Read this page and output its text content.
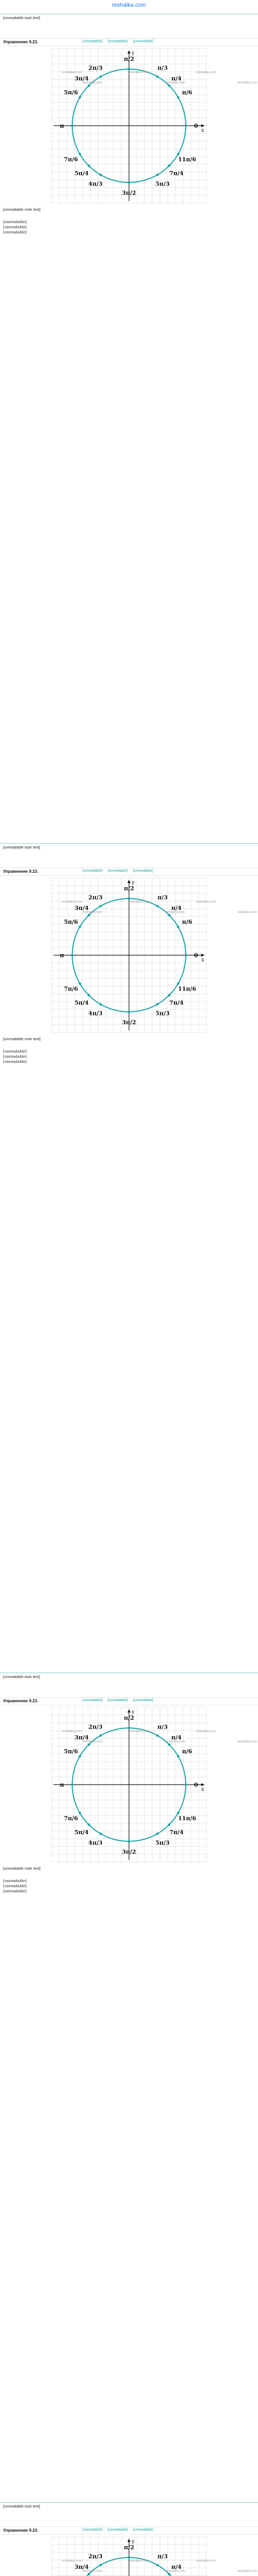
reshalka.com

[unreadable task text]

Упражнение 9.23.	[unreadable] [unreadable] [unreadable]
x
y
π/2
2π/3
3π/4
5π/6
π
7π/6
5π/4
4π/3
3π/2
5π/3
7π/4
11π/6
0
π/3
π/4
π/6
reshalka.com	reshalka.com	reshalka.com
reshalka.com	reshalka.com	reshalka.com

[unreadable note text]

[unreadable]
[unreadable]
[unreadable]

[unreadable task text]

Упражнение 9.23.	[unreadable] [unreadable] [unreadable]
x
y
π/2
2π/3
3π/4
5π/6
π
7π/6
5π/4
4π/3
3π/2
5π/3
7π/4
11π/6
0
π/3
π/4
π/6
reshalka.com	reshalka.com	reshalka.com
reshalka.com	reshalka.com	reshalka.com

[unreadable note text]

[unreadable]
[unreadable]
[unreadable]

[unreadable task text]

Упражнение 9.23.	[unreadable] [unreadable] [unreadable]
x
y
π/2
2π/3
3π/4
5π/6
π
7π/6
5π/4
4π/3
3π/2
5π/3
7π/4
11π/6
0
π/3
π/4
π/6
reshalka.com	reshalka.com	reshalka.com
reshalka.com	reshalka.com	reshalka.com

[unreadable note text]

[unreadable]
[unreadable]
[unreadable]

[unreadable task text]

Упражнение 9.23.	[unreadable] [unreadable] [unreadable]
y
π/2
2π/3
3π/4
π/3
π/4
reshalka.com	reshalka.com	reshalka.com
reshalka.com	reshalka.com	reshalka.com
